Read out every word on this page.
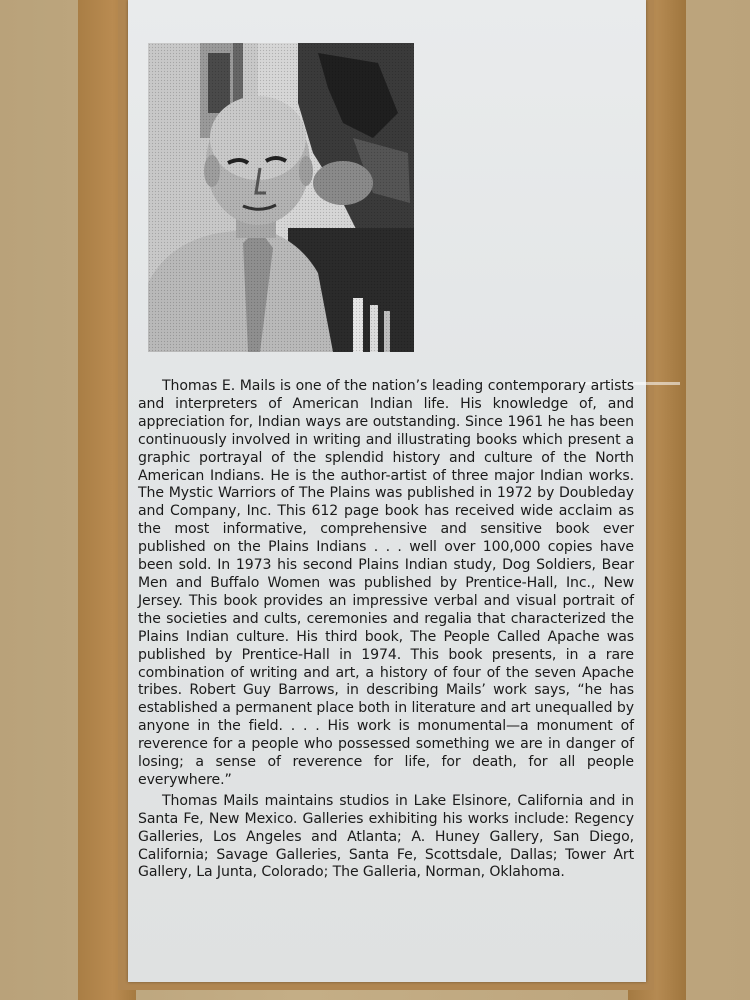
Thomas E. Mails is one of the nation’s leading contemporary artists and interpreters of American Indian life. His knowledge of, and appreciation for, Indian ways are outstanding. Since 1961 he has been continuously involved in writing and illustrating books which present a graphic portrayal of the splendid history and culture of the North American Indians. He is the author-artist of three major Indian works. The Mystic Warriors of The Plains was published in 1972 by Doubleday and Company, Inc. This 612 page book has received wide acclaim as the most informative, comprehensive and sensitive book ever published on the Plains Indians . . . well over 100,000 copies have been sold. In 1973 his second Plains Indian study, Dog Soldiers, Bear Men and Buffalo Women was published by Prentice-Hall, Inc., New Jersey. This book provides an impressive verbal and visual portrait of the societies and cults, ceremonies and regalia that characterized the Plains Indian culture. His third book, The People Called Apache was published by Prentice-Hall in 1974. This book presents, in a rare combination of writing and art, a history of four of the seven Apache tribes. Robert Guy Barrows, in describing Mails’ work says, “he has established a permanent place both in literature and art unequalled by anyone in the field. . . . His work is monumental—a monument of reverence for a people who possessed something we are in danger of losing; a sense of reverence for life, for death, for all people everywhere.”

Thomas Mails maintains studios in Lake Elsinore, California and in Santa Fe, New Mexico. Galleries exhibiting his works include: Regency Galleries, Los Angeles and Atlanta; A. Huney Gallery, San Diego, California; Savage Galleries, Santa Fe, Scottsdale, Dallas; Tower Art Gallery, La Junta, Colorado; The Galleria, Norman, Oklahoma.
